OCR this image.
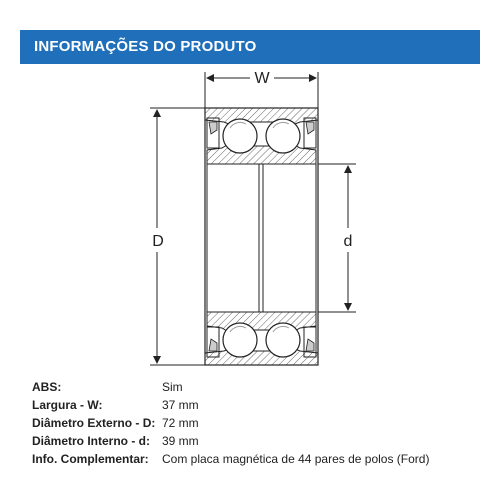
INFORMAÇÕES DO PRODUTO
W
D	d
ABS:	Sim
Largura - W:	37 mm
Diâmetro Externo - D: 72 mm
Diâmetro Interno - d: 39 mm
Info. Complementar:	Com placa magnética de 44 pares de polos (Ford)
